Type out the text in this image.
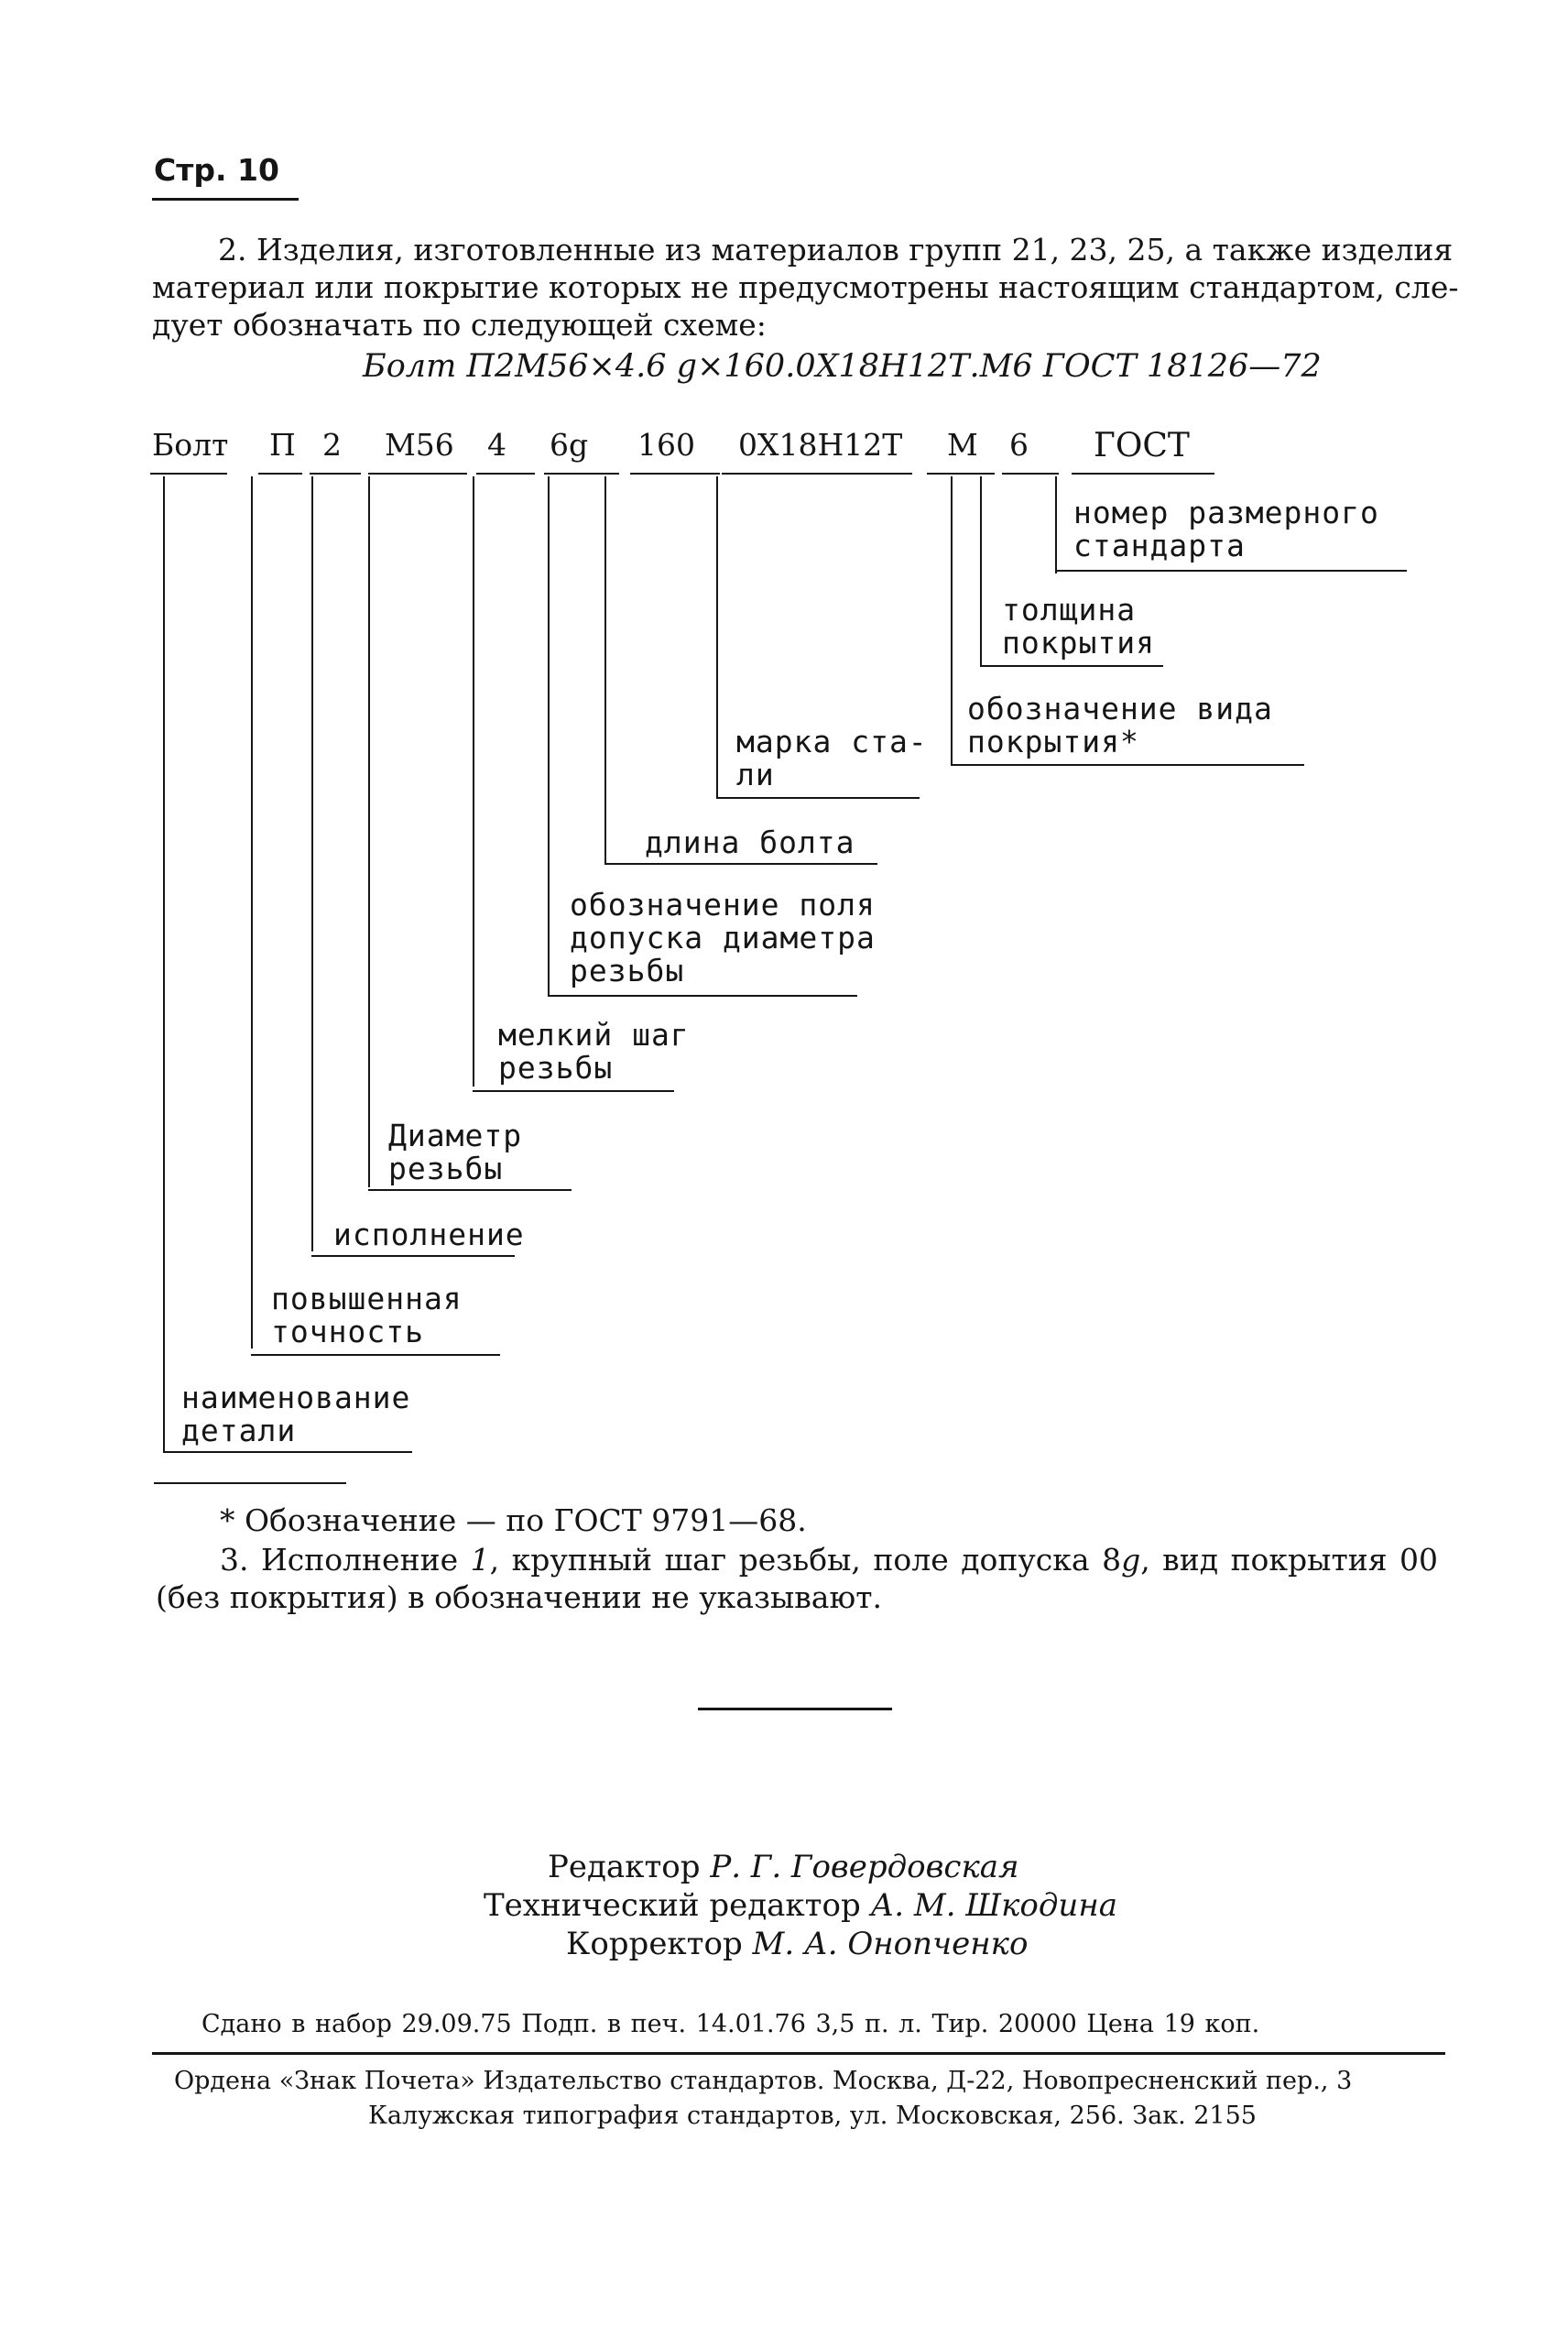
Стр. 10
2. Изделия, изготовленные из материалов групп 21, 23, 25, а также изделия
материал или покрытие которых не предусмотрены настоящим стандартом, сле-
дует обозначать по следующей схеме:
Болт П2М56×4.6 g×160.0Х18Н12Т.М6 ГОСТ 18126—72
Болт П 2 М56 4 6g 160 0Х18Н12Т М 6 ГОСТ
номер размерного
стандарта
толщина
покрытия
обозначение вида
покрытия*
марка ста-
ли
длина болта
обозначение поля
допуска диаметра
резьбы
мелкий шаг
резьбы
Диаметр
резьбы
исполнение
повышенная
точность
наименование
детали
* Обозначение — по ГОСТ 9791—68.
3. Исполнение 1, крупный шаг резьбы, поле допуска 8g, вид покрытия 00
(без покрытия) в обозначении не указывают.
Редактор Р. Г. Говердовская
Технический редактор А. М. Шкодина
Корректор М. А. Онопченко
Сдано в набор 29.09.75 Подп. в печ. 14.01.76 3,5 п. л. Тир. 20000 Цена 19 коп.
Ордена «Знак Почета» Издательство стандартов. Москва, Д-22, Новопресненский пер., 3
Калужская типография стандартов, ул. Московская, 256. Зак. 2155
